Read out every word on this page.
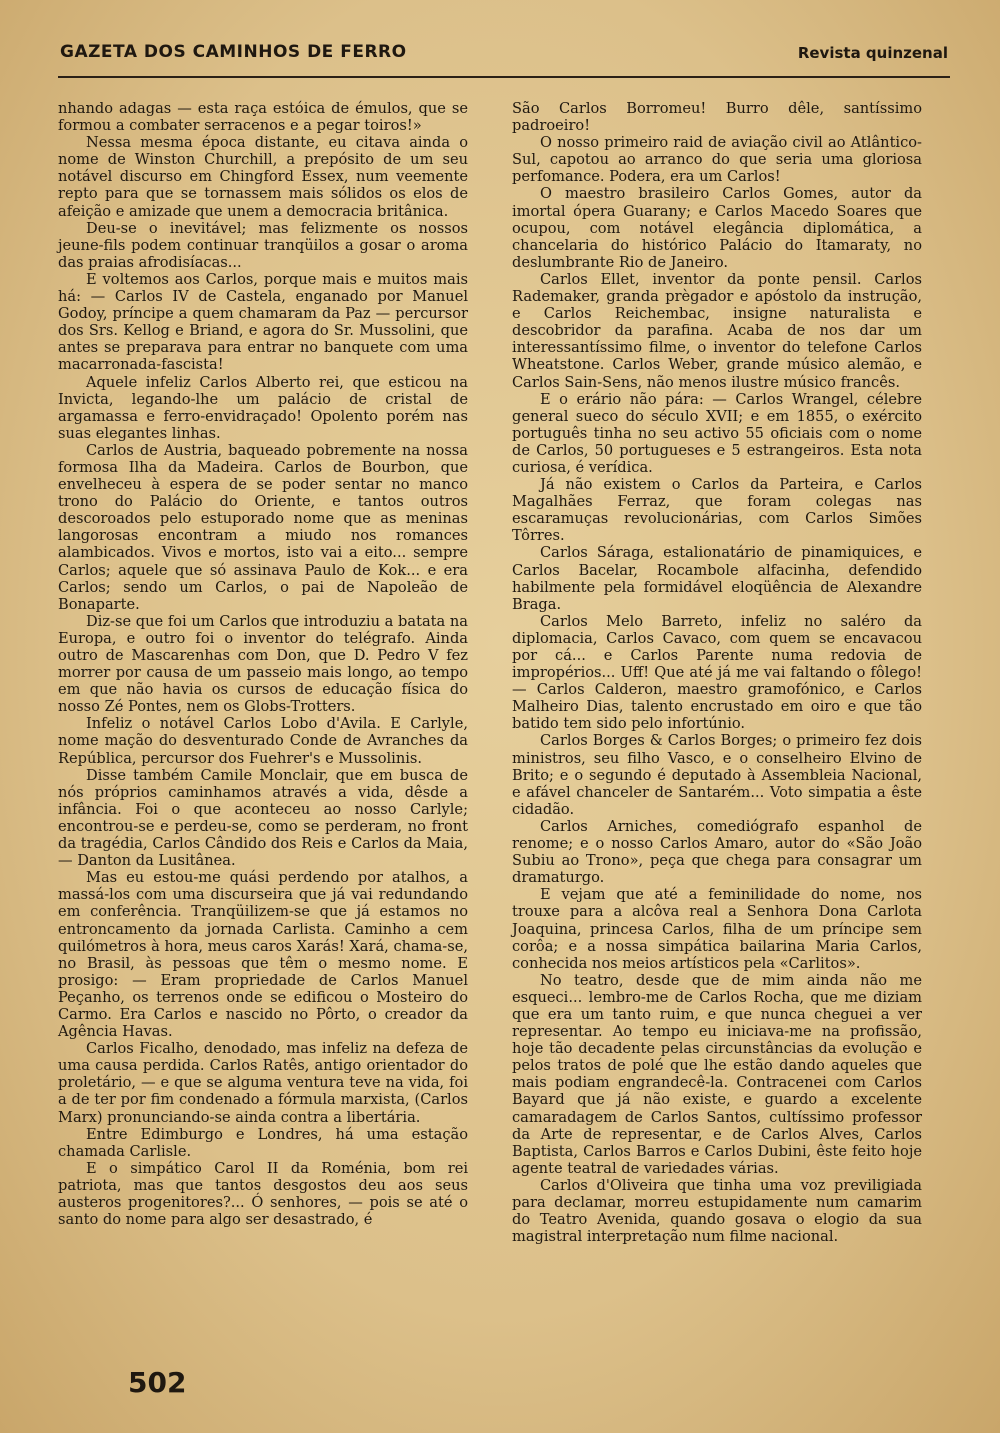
GAZETA DOS CAMINHOS DE FERRO	Revista quinzenal

nhando adagas — esta raça estóica de émulos, que se formou a combater serracenos e a pegar toiros!»

Nessa mesma época distante, eu citava ainda o nome de Winston Churchill, a prepósito de um seu notável discurso em Chingford Essex, num veemente repto para que se tornassem mais sólidos os elos de afeição e amizade que unem a democracia britânica.

Deu-se o inevitável; mas felizmente os nossos jeune-fils podem continuar tranqüilos a gosar o aroma das praias afrodisíacas...

E voltemos aos Carlos, porque mais e muitos mais há: — Carlos IV de Castela, enganado por Manuel Godoy, príncipe a quem chamaram da Paz — percursor dos Srs. Kellog e Briand, e agora do Sr. Mussolini, que antes se preparava para entrar no banquete com uma macarronada-fascista!

Aquele infeliz Carlos Alberto rei, que esticou na Invicta, legando-lhe um palácio de cristal de argamassa e ferro-envidraçado! Opolento porém nas suas elegantes linhas.

Carlos de Austria, baqueado pobremente na nossa formosa Ilha da Madeira. Carlos de Bourbon, que envelheceu à espera de se poder sentar no manco trono do Palácio do Oriente, e tantos outros descoroados pelo estuporado nome que as meninas langorosas encontram a miudo nos romances alambicados. Vivos e mortos, isto vai a eito... sempre Carlos; aquele que só assinava Paulo de Kok... e era Carlos; sendo um Carlos, o pai de Napoleão de Bonaparte.

Diz-se que foi um Carlos que introduziu a batata na Europa, e outro foi o inventor do telégrafo. Ainda outro de Mascarenhas com Don, que D. Pedro V fez morrer por causa de um passeio mais longo, ao tempo em que não havia os cursos de educação física do nosso Zé Pontes, nem os Globs-Trotters.

Infeliz o notável Carlos Lobo d'Avila. E Carlyle, nome mação do desventurado Conde de Avranches da República, percursor dos Fuehrer's e Mussolinis.

Disse também Camile Monclair, que em busca de nós próprios caminhamos através a vida, dêsde a infância. Foi o que aconteceu ao nosso Carlyle; encontrou-se e perdeu-se, como se perderam, no front da tragédia, Carlos Cândido dos Reis e Carlos da Maia, — Danton da Lusitânea.

Mas eu estou-me quási perdendo por atalhos, a massá-los com uma discurseira que já vai redundando em conferência. Tranqüilizem-se que já estamos no entroncamento da jornada Carlista. Caminho a cem quilómetros à hora, meus caros Xarás! Xará, chama-se, no Brasil, às pessoas que têm o mesmo nome. E prosigo: — Eram propriedade de Carlos Manuel Peçanho, os terrenos onde se edificou o Mosteiro do Carmo. Era Carlos e nascido no Pôrto, o creador da Agência Havas.

Carlos Ficalho, denodado, mas infeliz na defeza de uma causa perdida. Carlos Ratês, antigo orientador do proletário, — e que se alguma ventura teve na vida, foi a de ter por fim condenado a fórmula marxista, (Carlos Marx) pronunciando-se ainda contra a libertária.

Entre Edimburgo e Londres, há uma estação chamada Carlisle.

E o simpático Carol II da Roménia, bom rei patriota, mas que tantos desgostos deu aos seus austeros progenitores?... Ó senhores, — pois se até o santo do nome para algo ser desastrado, é

São Carlos Borromeu! Burro dêle, santíssimo padroeiro!

O nosso primeiro raid de aviação civil ao Atlântico-Sul, capotou ao arranco do que seria uma gloriosa perfomance. Podera, era um Carlos!

O maestro brasileiro Carlos Gomes, autor da imortal ópera Guarany; e Carlos Macedo Soares que ocupou, com notável elegância diplomática, a chancelaria do histórico Palácio do Itamaraty, no deslumbrante Rio de Janeiro.

Carlos Ellet, inventor da ponte pensil. Carlos Rademaker, granda prègador e apóstolo da instrução, e Carlos Reichembac, insigne naturalista e descobridor da parafina. Acaba de nos dar um interessantíssimo filme, o inventor do telefone Carlos Wheatstone. Carlos Weber, grande músico alemão, e Carlos Sain-Sens, não menos ilustre músico francês.

E o erário não pára: — Carlos Wrangel, célebre general sueco do século XVII; e em 1855, o exército português tinha no seu activo 55 oficiais com o nome de Carlos, 50 portugueses e 5 estrangeiros. Esta nota curiosa, é verídica.

Já não existem o Carlos da Parteira, e Carlos Magalhães Ferraz, que foram colegas nas escaramuças revolucionárias, com Carlos Simões Tôrres.

Carlos Sáraga, estalionatário de pinamiquices, e Carlos Bacelar, Rocambole alfacinha, defendido habilmente pela formidável eloqüência de Alexandre Braga.

Carlos Melo Barreto, infeliz no saléro da diplomacia, Carlos Cavaco, com quem se encavacou por cá... e Carlos Parente numa redovia de impropérios... Uff! Que até já me vai faltando o fôlego! — Carlos Calderon, maestro gramofónico, e Carlos Malheiro Dias, talento encrustado em oiro e que tão batido tem sido pelo infortúnio.

Carlos Borges & Carlos Borges; o primeiro fez dois ministros, seu filho Vasco, e o conselheiro Elvino de Brito; e o segundo é deputado à Assembleia Nacional, e afável chanceler de Santarém... Voto simpatia a êste cidadão.

Carlos Arniches, comediógrafo espanhol de renome; e o nosso Carlos Amaro, autor do «São João Subiu ao Trono», peça que chega para consagrar um dramaturgo.

E vejam que até a feminilidade do nome, nos trouxe para a alcôva real a Senhora Dona Carlota Joaquina, princesa Carlos, filha de um príncipe sem corôa; e a nossa simpática bailarina Maria Carlos, conhecida nos meios artísticos pela «Carlitos».

No teatro, desde que de mim ainda não me esqueci... lembro-me de Carlos Rocha, que me diziam que era um tanto ruim, e que nunca cheguei a ver representar. Ao tempo eu iniciava-me na profissão, hoje tão decadente pelas circunstâncias da evolução e pelos tratos de polé que lhe estão dando aqueles que mais podiam engrandecê-la. Contracenei com Carlos Bayard que já não existe, e guardo a excelente camaradagem de Carlos Santos, cultíssimo professor da Arte de representar, e de Carlos Alves, Carlos Baptista, Carlos Barros e Carlos Dubini, êste feito hoje agente teatral de variedades várias.

Carlos d'Oliveira que tinha uma voz previligiada para declamar, morreu estupidamente num camarim do Teatro Avenida, quando gosava o elogio da sua magistral interpretação num filme nacional.

502
